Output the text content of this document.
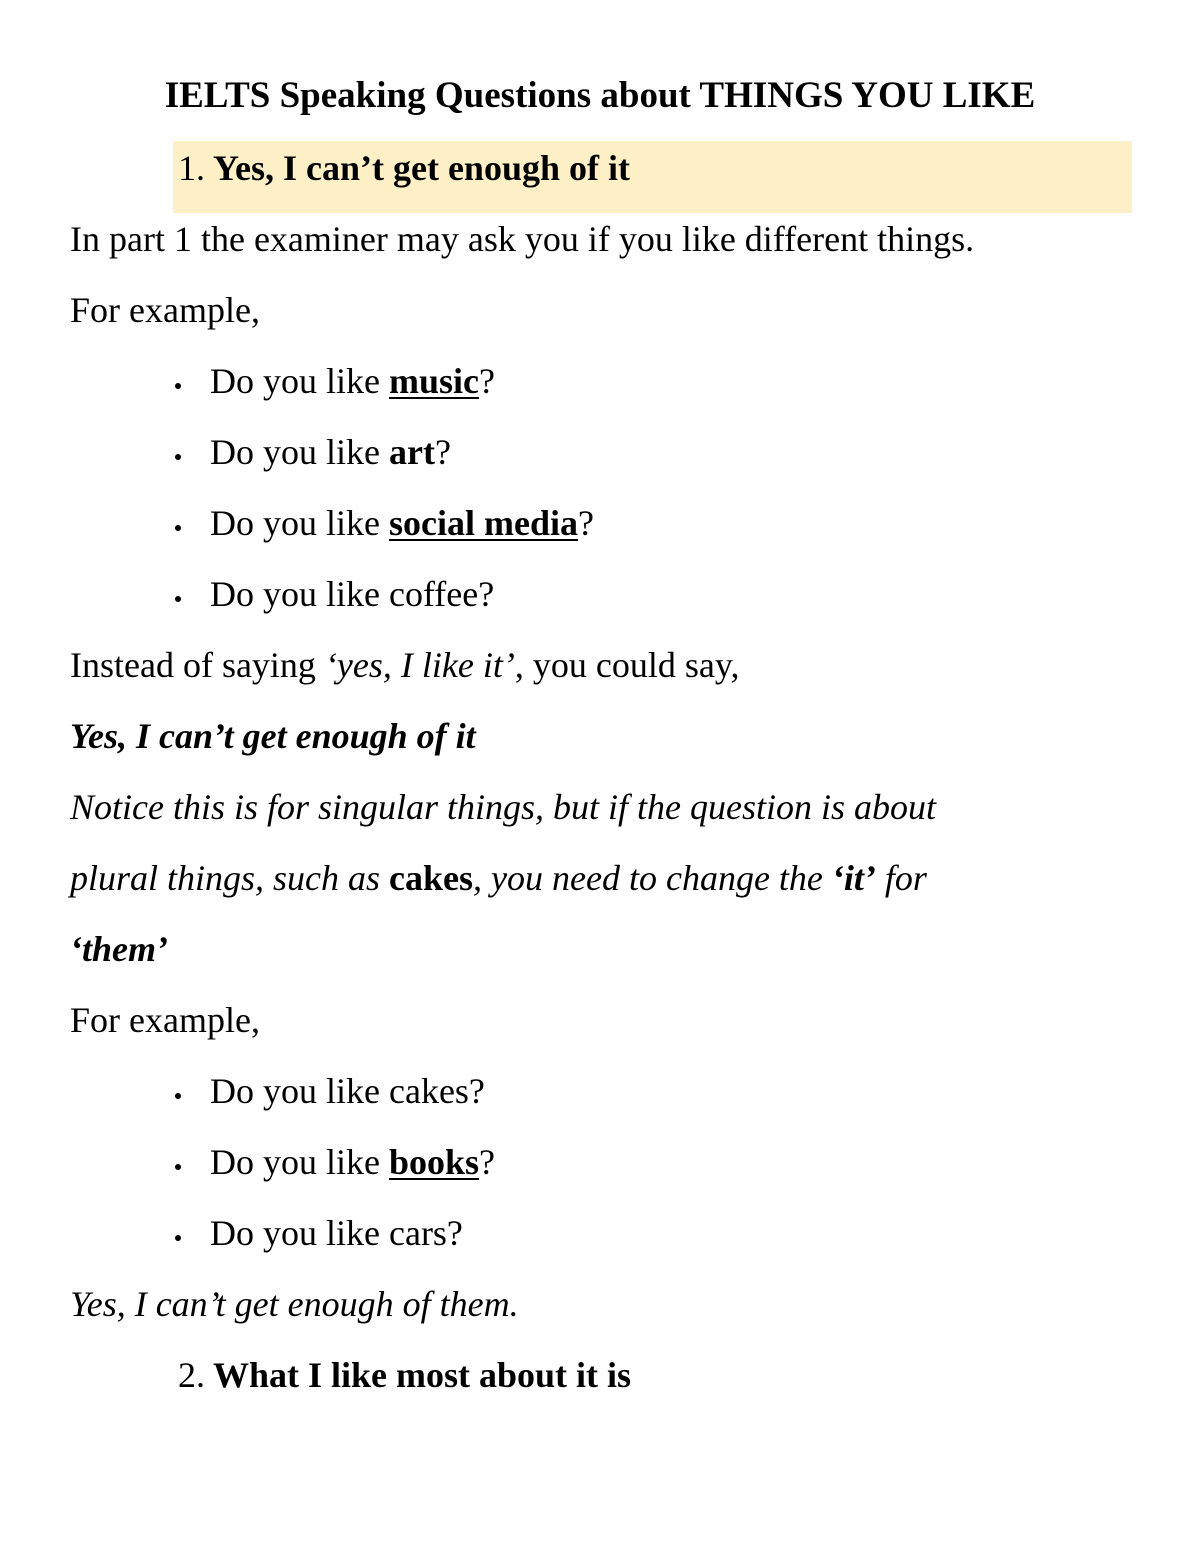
IELTS Speaking Questions about THINGS YOU LIKE
1. Yes, I can’t get enough of it
In part 1 the examiner may ask you if you like different things.
For example,
Do you like music?
Do you like art?
Do you like social media?
Do you like coffee?
Instead of saying ‘yes, I like it’, you could say,
Yes, I can’t get enough of it
Notice this is for singular things, but if the question is about
plural things, such as cakes, you need to change the ‘it’ for
‘them’
For example,
Do you like cakes?
Do you like books?
Do you like cars?
Yes, I can’t get enough of them.
2. What I like most about it is
